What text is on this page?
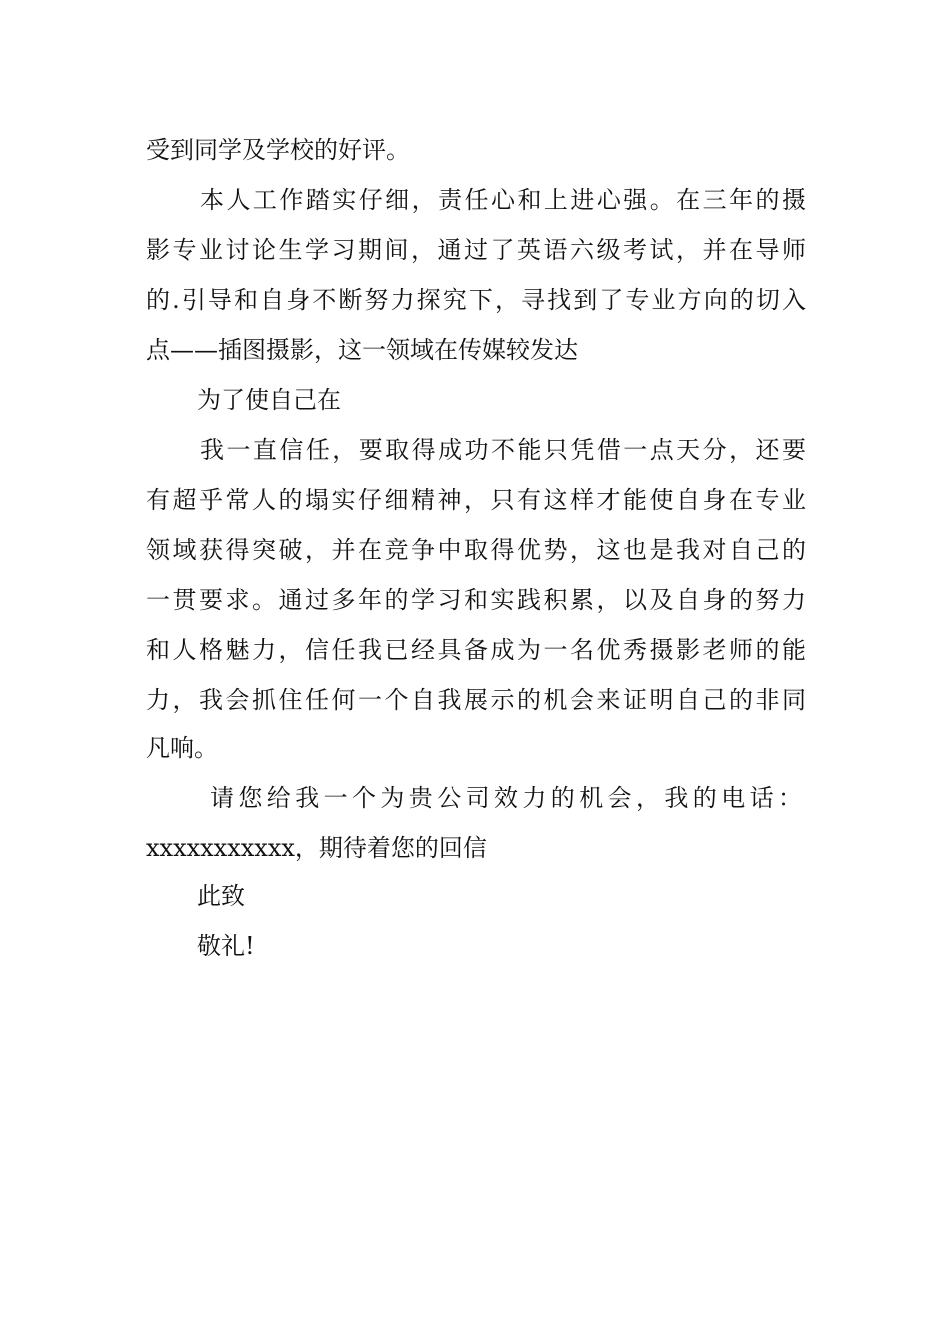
受到同学及学校的好评。

本人工作踏实仔细，责任心和上进心强。在三年的摄

影专业讨论生学习期间，通过了英语六级考试，并在导师

的.引导和自身不断努力探究下，寻找到了专业方向的切入

点——插图摄影，这一领域在传媒较发达

为了使自己在

我一直信任，要取得成功不能只凭借一点天分，还要

有超乎常人的塌实仔细精神，只有这样才能使自身在专业

领域获得突破，并在竞争中取得优势，这也是我对自己的

一贯要求。通过多年的学习和实践积累，以及自身的努力

和人格魅力，信任我已经具备成为一名优秀摄影老师的能

力，我会抓住任何一个自我展示的机会来证明自己的非同

凡响。

请您给我一个为贵公司效力的机会，我的电话：

xxxxxxxxxxx，期待着您的回信

此致

敬礼!
